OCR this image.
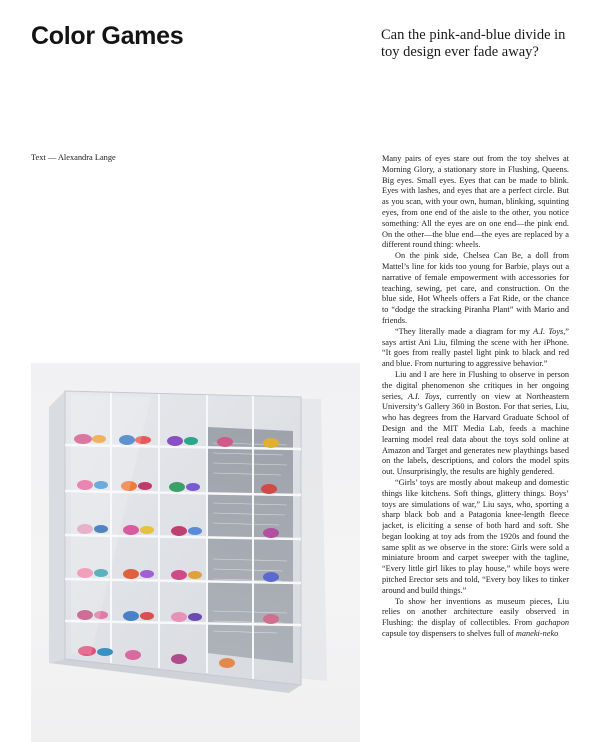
Color Games	Can the pink-and-blue divide in toy design ever fade away?

Text — Alexandra Lange	Many pairs of eyes stare out from the toy shelves at Morning Glory, a stationary store in Flushing, Queens. Big eyes. Small eyes. Eyes that can be made to blink. Eyes with lashes, and eyes that are a perfect circle. But as you scan, with your own, human, blinking, squinting eyes, from one end of the aisle to the other, you notice something: All the eyes are on one end—the pink end. On the other—the blue end—the eyes are replaced by a different round thing: wheels.

On the pink side, Chelsea Can Be, a doll from Mattel’s line for kids too young for Barbie, plays out a narrative of female empowerment with accessories for teaching, sewing, pet care, and construction. On the blue side, Hot Wheels offers a Fat Ride, or the chance to “dodge the stracking Piranha Plant” with Mario and friends.

“They literally made a diagram for my A.I. Toys,” says artist Ani Liu, filming the scene with her iPhone. “It goes from really pastel light pink to black and red and blue. From nurturing to aggressive behavior.”

Liu and I are here in Flushing to observe in person the digital phenomenon she critiques in her ongoing series, A.I. Toys, currently on view at Northeastern University’s Gallery 360 in Boston. For that series, Liu, who has degrees from the Harvard Graduate School of Design and the MIT Media Lab, feeds a machine learning model real data about the toys sold online at Amazon and Target and generates new playthings based on the labels, descriptions, and colors the model spits out. Unsurprisingly, the results are highly gendered.

“Girls’ toys are mostly about makeup and domestic things like kitchens. Soft things, glittery things. Boys’ toys are simulations of war,” Liu says, who, sporting a sharp black bob and a Patagonia knee-length fleece jacket, is eliciting a sense of both hard and soft. She began looking at toy ads from the 1920s and found the same split as we observe in the store: Girls were sold a miniature broom and carpet sweeper with the tagline, “Every little girl likes to play house,” while boys were pitched Erector sets and told, “Every boy likes to tinker around and build things.”

To show her inventions as museum pieces, Liu relies on another architecture easily observed in Flushing: the display of collectibles. From gachapon capsule toy dispensers to shelves full of maneki-neko
